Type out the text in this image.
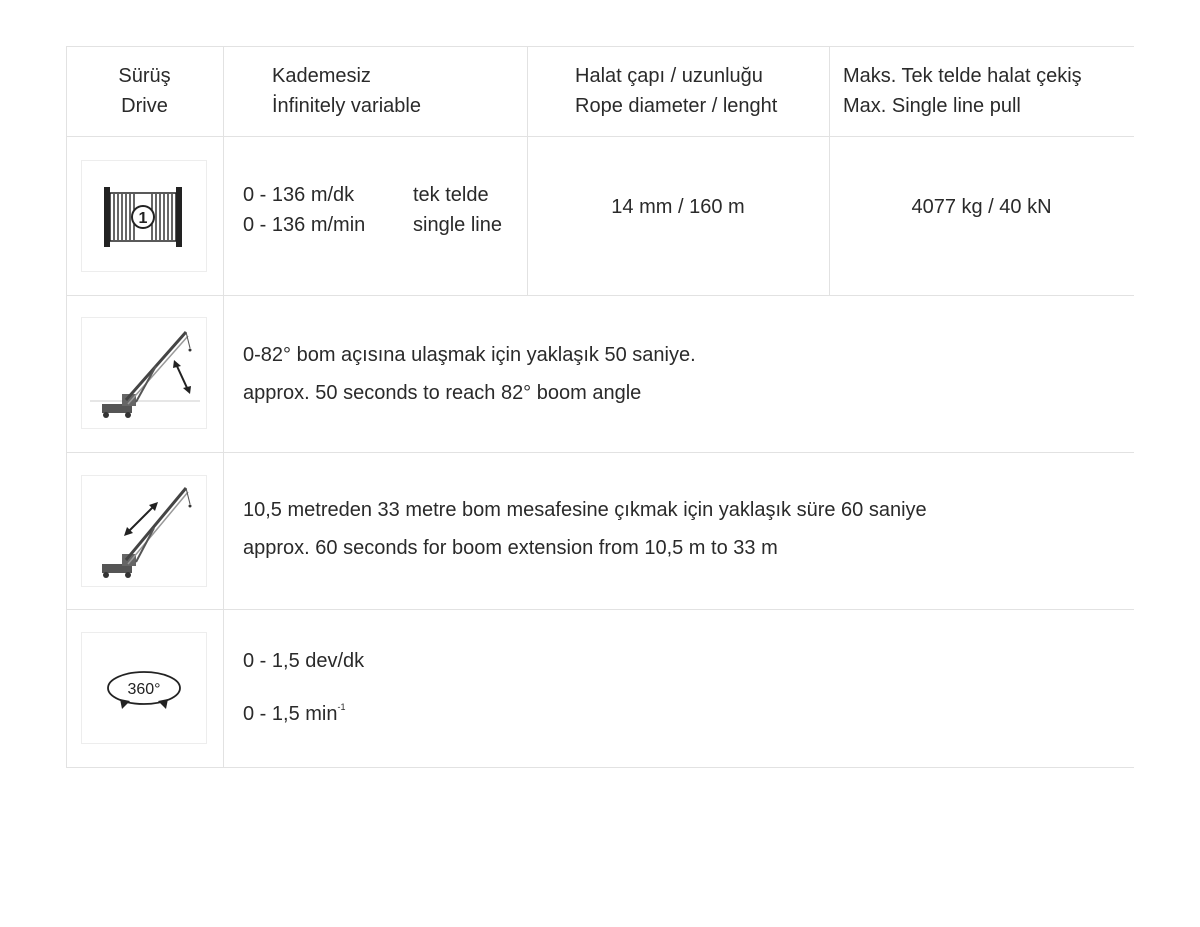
Sürüş
Drive
Kademesiz
İnfinitely variable
Halat çapı / uzunluğu
Rope diameter / lenght
Maks. Tek telde halat çekiş
Max. Single line pull
1
0 - 136 m/dk
0 - 136 m/min
tek telde
single line
14 mm / 160 m	4077 kg / 40 kN
0-82° bom açısına ulaşmak için yaklaşık 50 saniye.
approx. 50 seconds to reach 82° boom angle
10,5 metreden 33 metre bom mesafesine çıkmak için yaklaşık süre 60 saniye
approx. 60 seconds for boom extension from 10,5 m to 33 m
360°
0 - 1,5 dev/dk
0 - 1,5 $\min^{-1}$
